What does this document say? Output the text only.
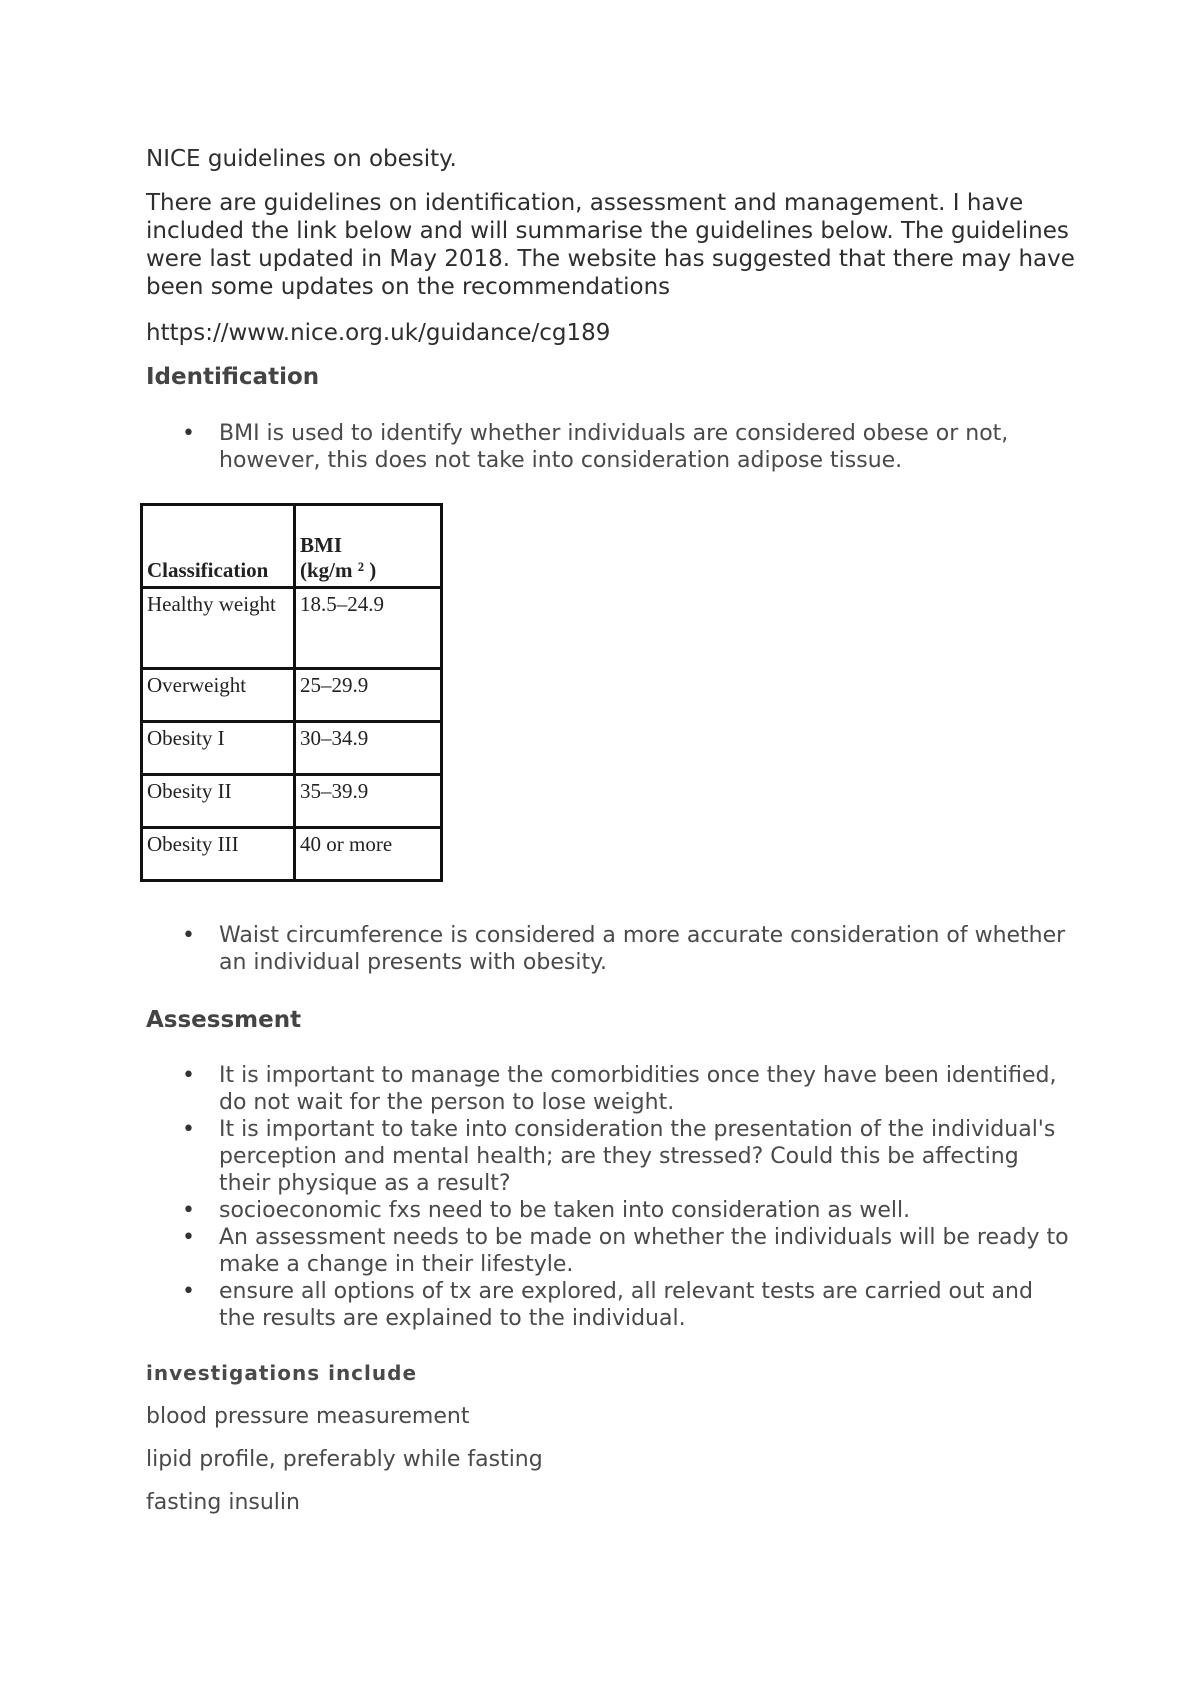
NICE guidelines on obesity.

There are guidelines on identification, assessment and management. I have included the link below and will summarise the guidelines below. The guidelines were last updated in May 2018. The website has suggested that there may have been some updates on the recommendations

https://www.nice.org.uk/guidance/cg189
Identification
• BMI is used to identify whether individuals are considered obese or not, however, this does not take into consideration adipose tissue.
Classification	BMI
(kg/m ² )

Healthy weight	18.5–24.9
Overweight	25–29.9
Obesity I	30–34.9
Obesity II	35–39.9
Obesity III	40 or more
• Waist circumference is considered a more accurate consideration of whether an individual presents with obesity.
Assessment
• It is important to manage the comorbidities once they have been identified, do not wait for the person to lose weight.
• It is important to take into consideration the presentation of the individual's perception and mental health; are they stressed? Could this be affecting their physique as a result?
• socioeconomic fxs need to be taken into consideration as well.
• An assessment needs to be made on whether the individuals will be ready to make a change in their lifestyle.
• ensure all options of tx are explored, all relevant tests are carried out and the results are explained to the individual.
investigations include
blood pressure measurement
lipid profile, preferably while fasting
fasting insulin
